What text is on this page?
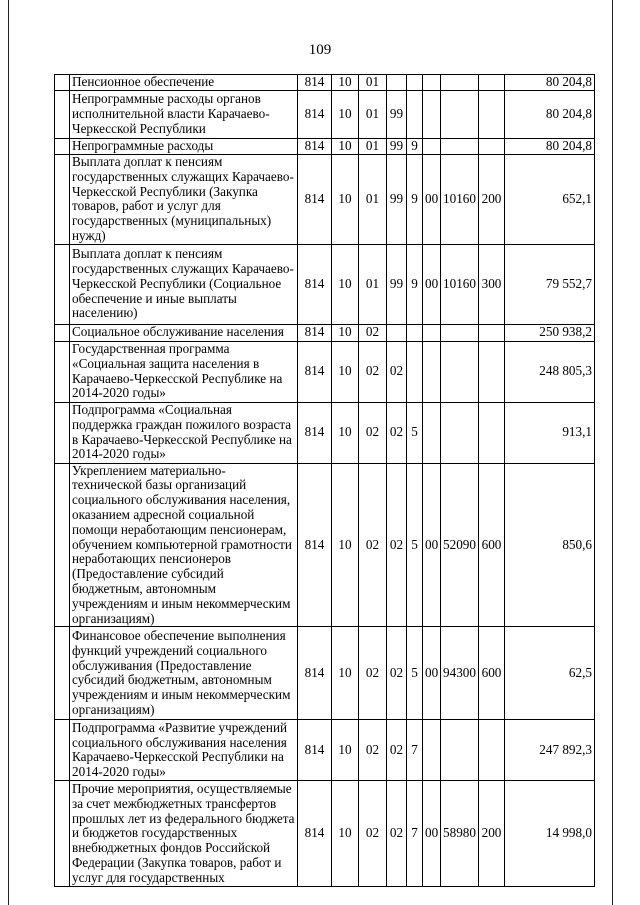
109
	Пенсионное обеспечение	814	10	01						80 204,8
	Непрограммные расходы органов исполнительной власти Карачаево-Черкесской Республики	814	10	01	99					80 204,8
	Непрограммные расходы	814	10	01	99	9				80 204,8
	Выплата доплат к пенсиям государственных служащих Карачаево-Черкесской Республики (Закупка товаров, работ и услуг для государственных (муниципальных) нужд)	814	10	01	99	9	00	10160	200	652,1
	Выплата доплат к пенсиям государственных служащих Карачаево-Черкесской Республики (Социальное обеспечение и иные выплаты населению)	814	10	01	99	9	00	10160	300	79 552,7
	Социальное обслуживание населения	814	10	02						250 938,2
	Государственная программа «Социальная защита населения в Карачаево-Черкесской Республике на 2014-2020 годы»	814	10	02	02					248 805,3
	Подпрограмма «Социальная поддержка граждан пожилого возраста в Карачаево-Черкесской Республике на 2014-2020 годы»	814	10	02	02	5				913,1
	Укреплением материально-технической базы организаций социального обслуживания населения, оказанием адресной социальной помощи неработающим пенсионерам, обучением компьютерной грамотности неработающих пенсионеров (Предоставление субсидий бюджетным, автономным учреждениям и иным некоммерческим организациям)	814	10	02	02	5	00	52090	600	850,6
	Финансовое обеспечение выполнения функций учреждений социального обслуживания (Предоставление субсидий бюджетным, автономным учреждениям и иным некоммерческим организациям)	814	10	02	02	5	00	94300	600	62,5
	Подпрограмма «Развитие учреждений социального обслуживания населения Карачаево-Черкесской Республики на 2014-2020 годы»	814	10	02	02	7				247 892,3
	Прочие мероприятия, осуществляемые за счет межбюджетных трансфертов прошлых лет из федерального бюджета и бюджетов государственных внебюджетных фондов Российской Федерации (Закупка товаров, работ и услуг для государственных	814	10	02	02	7	00	58980	200	14 998,0
